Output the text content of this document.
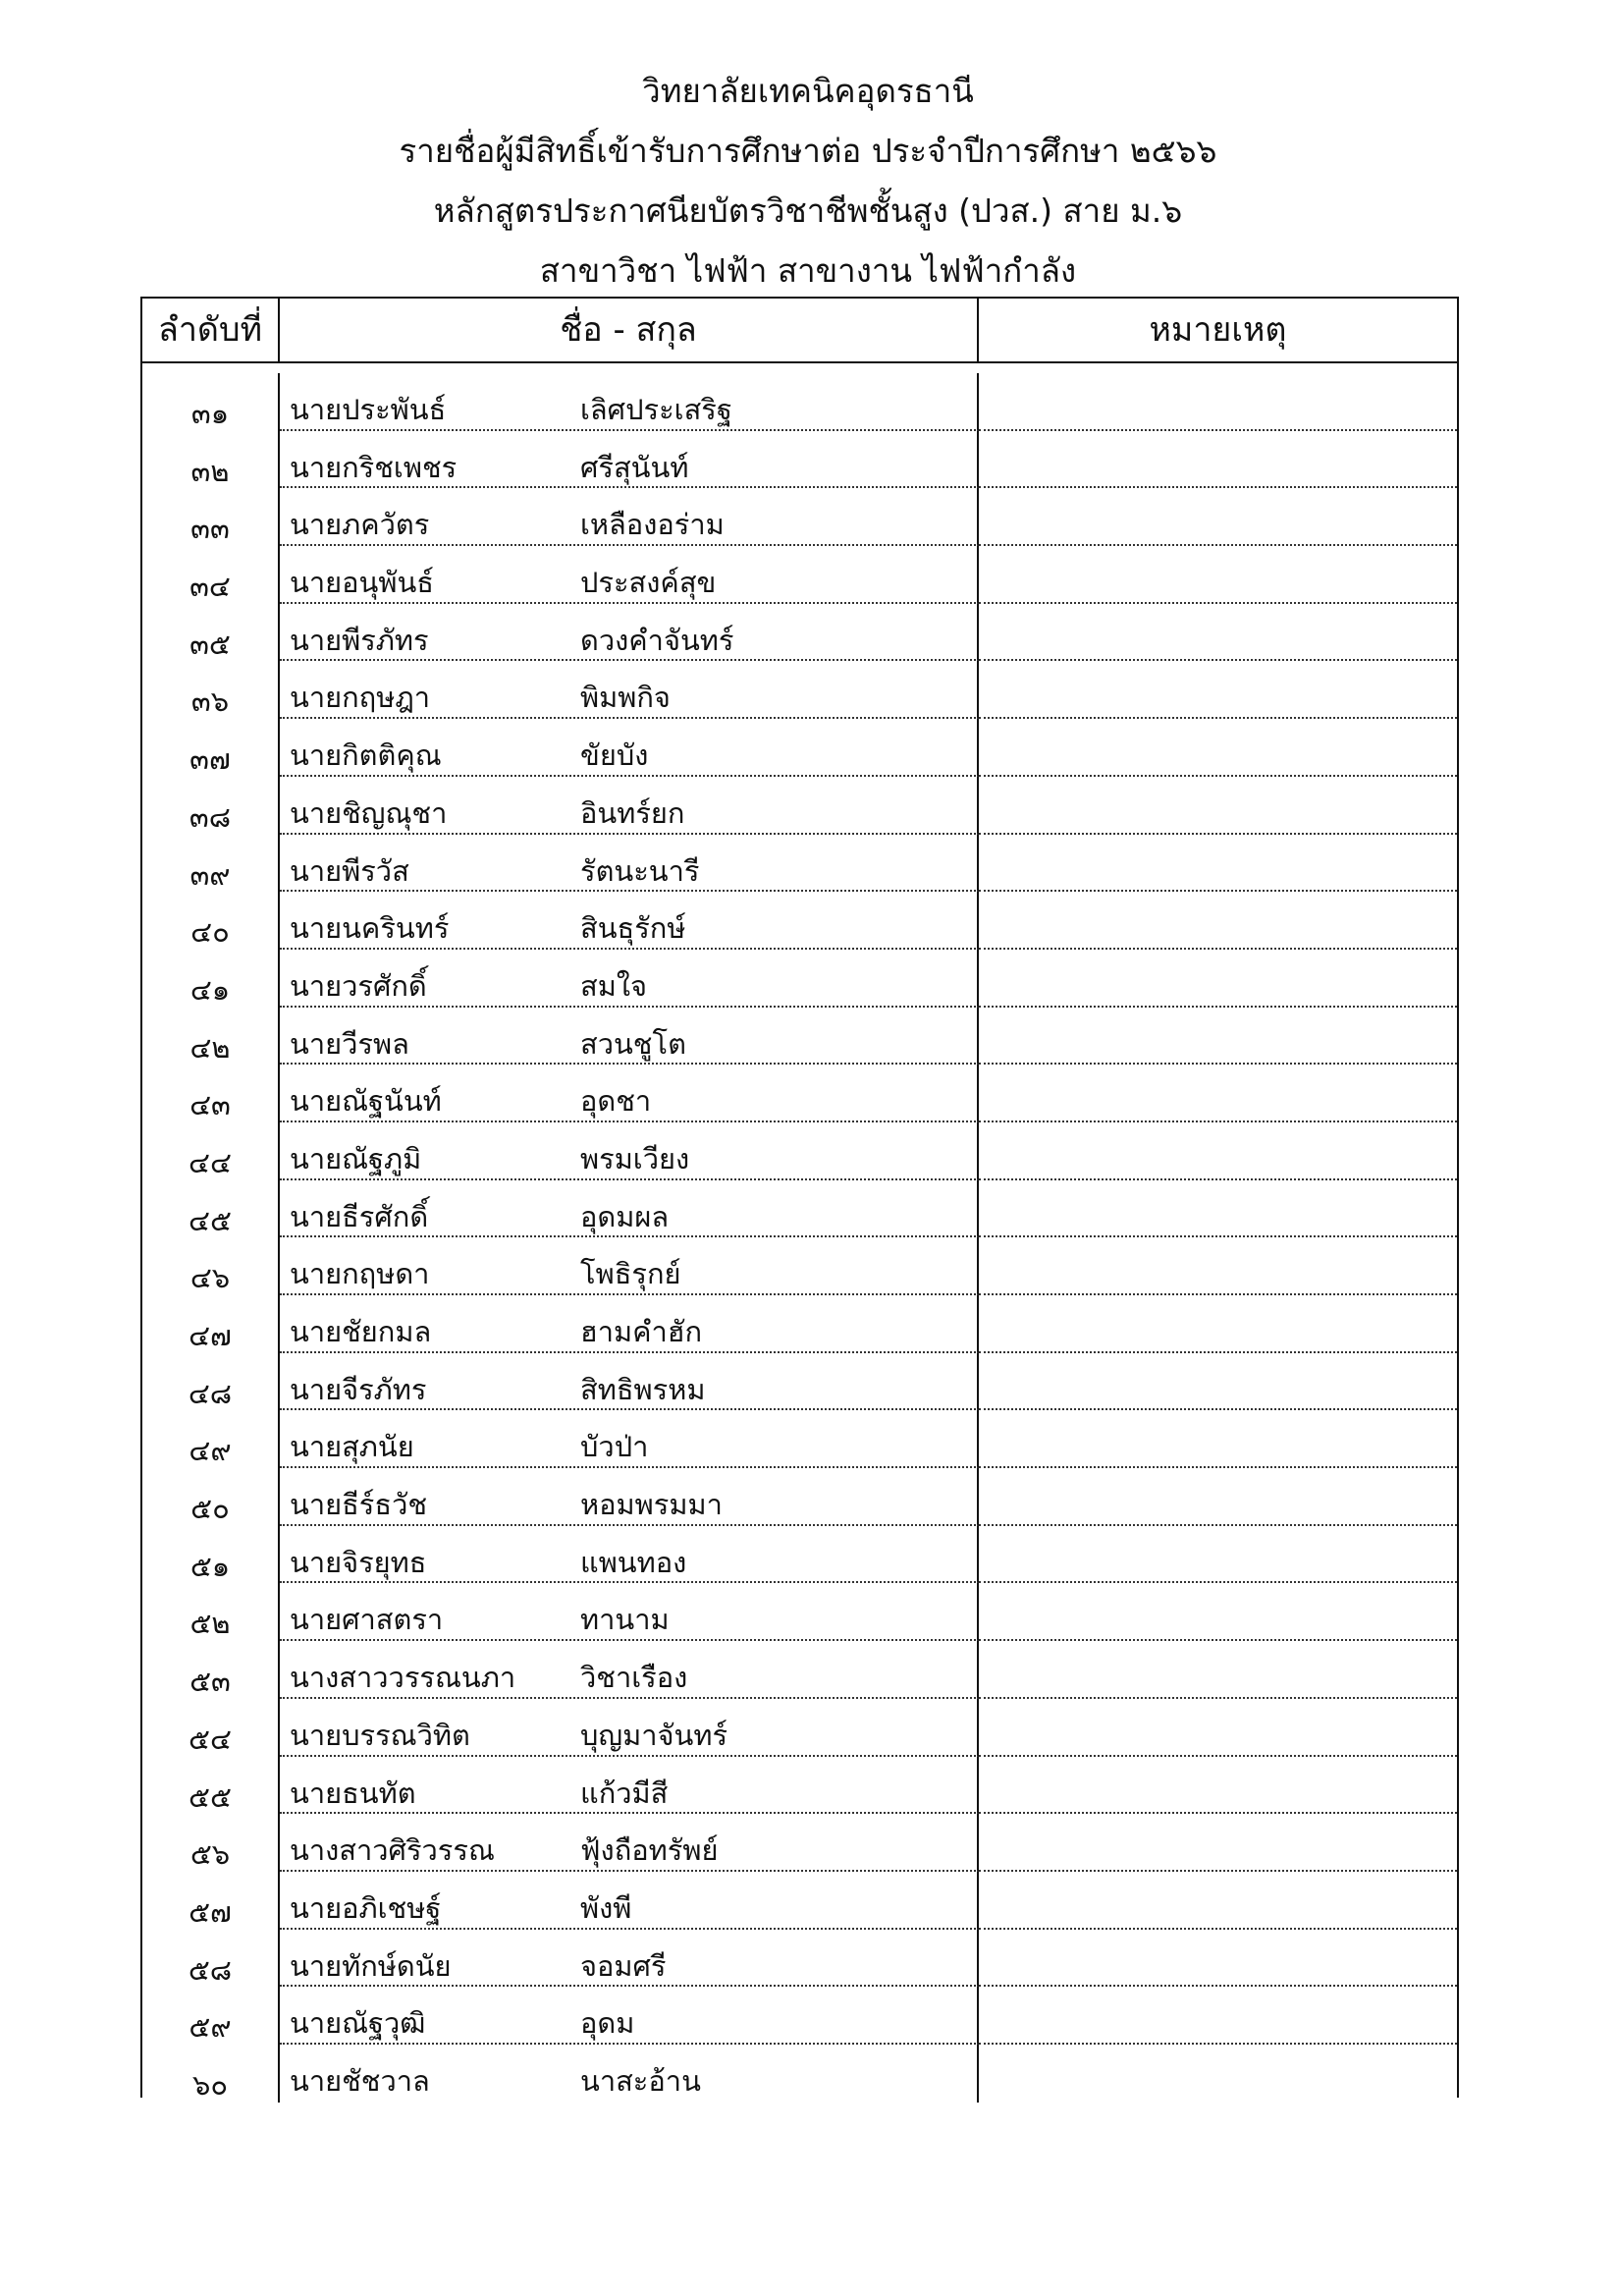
วิทยาลัยเทคนิคอุดรธานี
รายชื่อผู้มีสิทธิ์เข้ารับการศึกษาต่อ ประจำปีการศึกษา ๒๕๖๖
หลักสูตรประกาศนียบัตรวิชาชีพชั้นสูง (ปวส.) สาย ม.๖
สาขาวิชา ไฟฟ้า สาขางาน ไฟฟ้ากำลัง
ลำดับที่	ชื่อ - สกุล	หมายเหตุ
๓๑	นายประพันธ์	เลิศประเสริฐ
๓๒	นายกริชเพชร	ศรีสุนันท์
๓๓	นายภควัตร	เหลืองอร่าม
๓๔	นายอนุพันธ์	ประสงค์สุข
๓๕	นายพีรภัทร	ดวงคำจันทร์
๓๖	นายกฤษฎา	พิมพกิจ
๓๗	นายกิตติคุณ	ขัยบัง
๓๘	นายชิญณุชา	อินทร์ยก
๓๙	นายพีรวัส	รัตนะนารี
๔๐	นายนครินทร์	สินธุรักษ์
๔๑	นายวรศักดิ์	สมใจ
๔๒	นายวีรพล	สวนชูโต
๔๓	นายณัฐนันท์	อุดชา
๔๔	นายณัฐภูมิ	พรมเวียง
๔๕	นายธีรศักดิ์	อุดมผล
๔๖	นายกฤษดา	โพธิรุกย์
๔๗	นายชัยกมล	ฮามคำฮัก
๔๘	นายจีรภัทร	สิทธิพรหม
๔๙	นายสุภนัย	บัวป่า
๕๐	นายธีร์ธวัช	หอมพรมมา
๕๑	นายจิรยุทธ	แพนทอง
๕๒	นายศาสตรา	ทานาม
๕๓	นางสาววรรณนภา วิชาเรือง
๕๔	นายบรรณวิทิต	บุญมาจันทร์
๕๕	นายธนทัต	แก้วมีสี
๕๖	นางสาวศิริวรรณ	ฟุ้งถือทรัพย์
๕๗	นายอภิเชษฐ์	พังพี
๕๘	นายทักษ์ดนัย	จอมศรี
๕๙	นายณัฐวุฒิ	อุดม
๖๐	นายชัชวาล	นาสะอ้าน
